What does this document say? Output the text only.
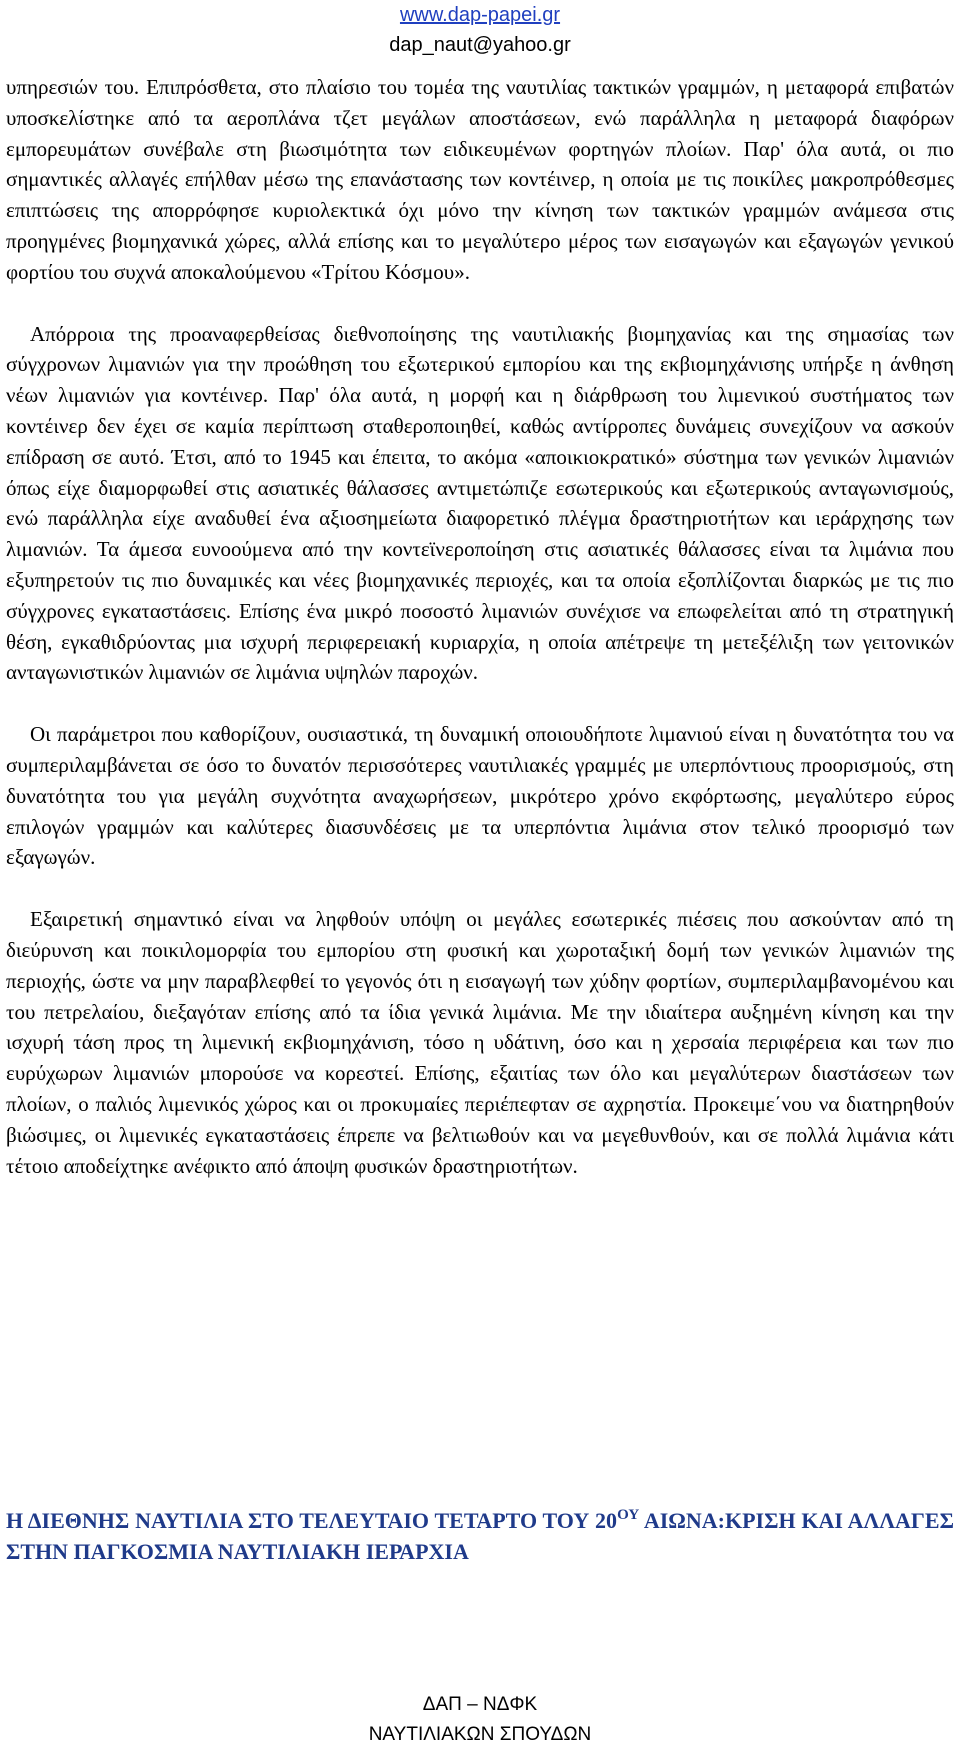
www.dap-papei.gr
dap_naut@yahoo.gr

υπηρεσιών του. Επιπρόσθετα, στο πλαίσιο του τομέα της ναυτιλίας τακτικών γραμμών, η μεταφορά επιβατών υποσκελίστηκε από τα αεροπλάνα τζετ μεγάλων αποστάσεων, ενώ παράλληλα η μεταφορά διαφόρων εμπορευμάτων συνέβαλε στη βιωσιμότητα των ειδικευμένων φορτηγών πλοίων. Παρ' όλα αυτά, οι πιο σημαντικές αλλαγές επήλθαν μέσω της επανάστασης των κοντέινερ, η οποία με τις ποικίλες μακροπρόθεσμες επιπτώσεις της απορρόφησε κυριολεκτικά όχι μόνο την κίνηση των τακτικών γραμμών ανάμεσα στις προηγμένες βιομηχανικά χώρες, αλλά επίσης και το μεγαλύτερο μέρος των εισαγωγών και εξαγωγών γενικού φορτίου του συχνά αποκαλούμενου «Τρίτου Κόσμου».

Απόρροια της προαναφερθείσας διεθνοποίησης της ναυτιλιακής βιομηχανίας και της σημασίας των σύγχρονων λιμανιών για την προώθηση του εξωτερικού εμπορίου και της εκβιομηχάνισης υπήρξε η άνθηση νέων λιμανιών για κοντέινερ. Παρ' όλα αυτά, η μορφή και η διάρθρωση του λιμενικού συστήματος των κοντέινερ δεν έχει σε καμία περίπτωση σταθεροποιηθεί, καθώς αντίρροπες δυνάμεις συνεχίζουν να ασκούν επίδραση σε αυτό. Έτσι, από το 1945 και έπειτα, το ακόμα «αποικιοκρατικό» σύστημα των γενικών λιμανιών όπως είχε διαμορφωθεί στις ασιατικές θάλασσες αντιμετώπιζε εσωτερικούς και εξωτερικούς ανταγωνισμούς, ενώ παράλληλα είχε αναδυθεί ένα αξιοσημείωτα διαφορετικό πλέγμα δραστηριοτήτων και ιεράρχησης των λιμανιών. Τα άμεσα ευνοούμενα από την κοντεϊνεροποίηση στις ασιατικές θάλασσες είναι τα λιμάνια που εξυπηρετούν τις πιο δυναμικές και νέες βιομηχανικές περιοχές, και τα οποία εξοπλίζονται διαρκώς με τις πιο σύγχρονες εγκαταστάσεις. Επίσης ένα μικρό ποσοστό λιμανιών συνέχισε να επωφελείται από τη στρατηγική θέση, εγκαθιδρύοντας μια ισχυρή περιφερειακή κυριαρχία, η οποία απέτρεψε τη μετεξέλιξη των γειτονικών ανταγωνιστικών λιμανιών σε λιμάνια υψηλών παροχών.

Οι παράμετροι που καθορίζουν, ουσιαστικά, τη δυναμική οποιουδήποτε λιμανιού είναι η δυνατότητα του να συμπεριλαμβάνεται σε όσο το δυνατόν περισσότερες ναυτιλιακές γραμμές με υπερπόντιους προορισμούς, στη δυνατότητα του για μεγάλη συχνότητα αναχωρήσεων, μικρότερο χρόνο εκφόρτωσης, μεγαλύτερο εύρος επιλογών γραμμών και καλύτερες διασυνδέσεις με τα υπερπόντια λιμάνια στον τελικό προορισμό των εξαγωγών.

Εξαιρετική σημαντικό είναι να ληφθούν υπόψη οι μεγάλες εσωτερικές πιέσεις που ασκούνταν από τη διεύρυνση και ποικιλομορφία του εμπορίου στη φυσική και χωροταξική δομή των γενικών λιμανιών της περιοχής, ώστε να μην παραβλεφθεί το γεγονός ότι η εισαγωγή των χύδην φορτίων, συμπεριλαμβανομένου και του πετρελαίου, διεξαγόταν επίσης από τα ίδια γενικά λιμάνια. Με την ιδιαίτερα αυξημένη κίνηση και την ισχυρή τάση προς τη λιμενική εκβιομηχάνιση, τόσο η υδάτινη, όσο και η χερσαία περιφέρεια και των πιο ευρύχωρων λιμανιών μπορούσε να κορεστεί. Επίσης, εξαιτίας των όλο και μεγαλύτερων διαστάσεων των πλοίων, ο παλιός λιμενικός χώρος και οι προκυμαίες περιέπεφταν σε αχρηστία. Προκειμε΄νου να διατηρηθούν βιώσιμες, οι λιμενικές εγκαταστάσεις έπρεπε να βελτιωθούν και να μεγεθυνθούν, και σε πολλά λιμάνια κάτι τέτοιο αποδείχτηκε ανέφικτο από άποψη φυσικών δραστηριοτήτων.

Η ΔΙΕΘΝΗΣ ΝΑΥΤΙΛΙΑ ΣΤΟ ΤΕΛΕΥΤΑΙΟ ΤΕΤΑΡΤΟ ΤΟΥ $20^{O\Upsilon}$ ΑΙΩΝΑ:ΚΡΙΣΗ ΚΑΙ ΑΛΛΑΓΕΣ ΣΤΗΝ ΠΑΓΚΟΣΜΙΑ ΝΑΥΤΙΛΙΑΚΗ ΙΕΡΑΡΧΙΑ
ΔΑΠ – ΝΔΦΚ
ΝΑΥΤΙΛΙΑΚΩΝ ΣΠΟΥΔΩΝ
